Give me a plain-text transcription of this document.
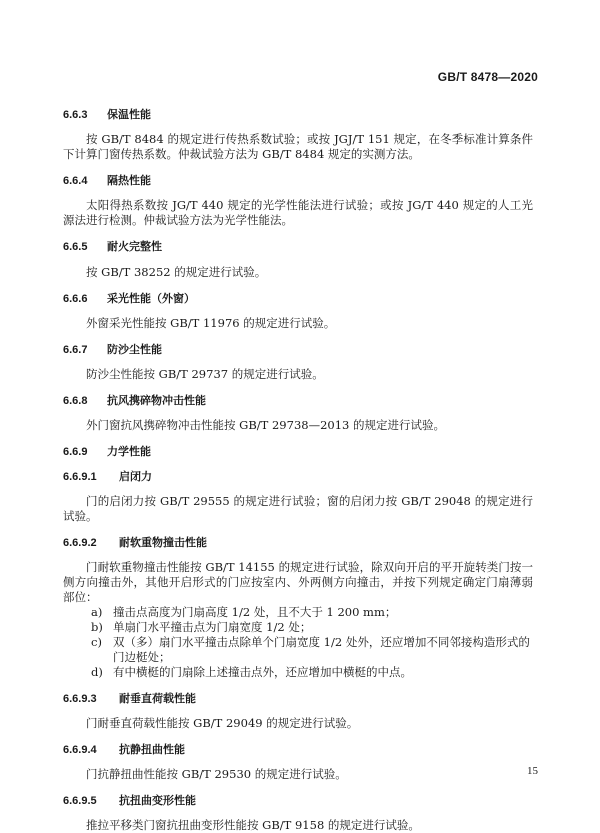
GB/T 8478—2020
6.6.3	保温性能

按 GB/T 8484 的规定进行传热系数试验；或按 JGJ/T 151 规定，在冬季标准计算条件下计算门窗传热系数。仲裁试验方法为 GB/T 8484 规定的实测方法。

6.6.4	隔热性能

太阳得热系数按 JG/T 440 规定的光学性能法进行试验；或按 JG/T 440 规定的人工光源法进行检测。仲裁试验方法为光学性能法。

6.6.5	耐火完整性

按 GB/T 38252 的规定进行试验。

6.6.6	采光性能（外窗）

外窗采光性能按 GB/T 11976 的规定进行试验。

6.6.7	防沙尘性能

防沙尘性能按 GB/T 29737 的规定进行试验。

6.6.8	抗风携碎物冲击性能

外门窗抗风携碎物冲击性能按 GB/T 29738—2013 的规定进行试验。

6.6.9	力学性能
6.6.9.1	启闭力

门的启闭力按 GB/T 29555 的规定进行试验；窗的启闭力按 GB/T 29048 的规定进行试验。

6.6.9.2	耐软重物撞击性能

门耐软重物撞击性能按 GB/T 14155 的规定进行试验，除双向开启的平开旋转类门按一侧方向撞击外，其他开启形式的门应按室内、外两侧方向撞击，并按下列规定确定门扇薄弱部位：

a) 撞击点高度为门扇高度 1/2 处，且不大于 1 200 mm；
b) 单扇门水平撞击点为门扇宽度 1/2 处；
c) 双（多）扇门水平撞击点除单个门扇宽度 1/2 处外，还应增加不同邻接构造形式的门边梃处；
d) 有中横梃的门扇除上述撞击点外，还应增加中横梃的中点。
6.6.9.3	耐垂直荷载性能

门耐垂直荷载性能按 GB/T 29049 的规定进行试验。

6.6.9.4	抗静扭曲性能

门抗静扭曲性能按 GB/T 29530 的规定进行试验。

6.6.9.5	抗扭曲变形性能

推拉平移类门窗抗扭曲变形性能按 GB/T 9158 的规定进行试验。

15
